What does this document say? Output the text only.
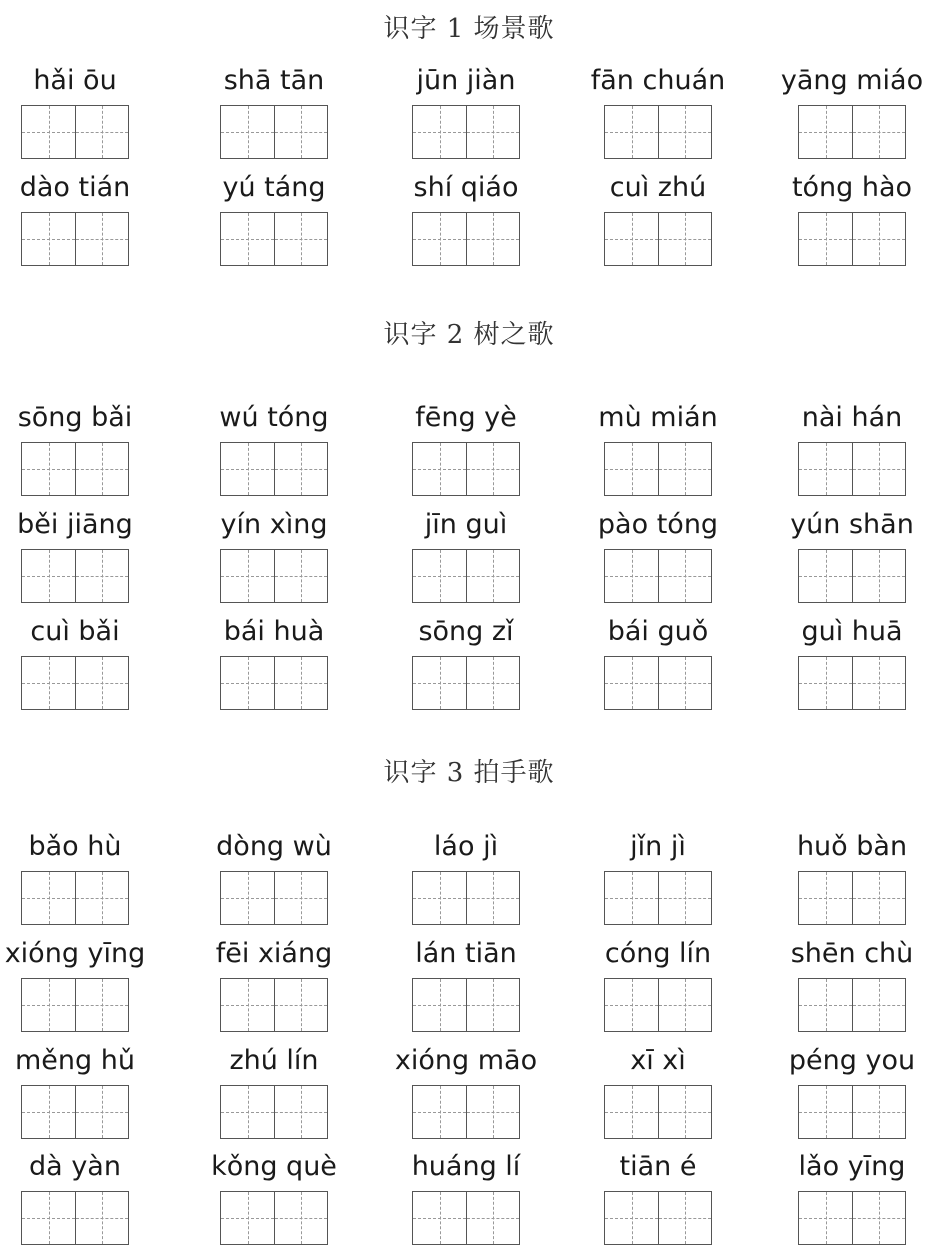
识字 1 场景歌
识字 2 树之歌
识字 3 拍手歌
hǎi ōu	shā tān	jūn jiàn	fān chuán	yāng miáo
dào tián	yú táng	shí qiáo	cuì zhú	tóng hào
sōng bǎi	wú tóng	fēng yè	mù mián	nài hán
běi jiāng	yín xìng	jīn guì	pào tóng	yún shān
cuì bǎi	bái huà	sōng zǐ	bái guǒ	guì huā
bǎo hù	dòng wù	láo jì	jǐn jì	huǒ bàn
xióng yīng	fēi xiáng	lán tiān	cóng lín	shēn chù
měng hǔ	zhú lín	xióng māo	xī xì	péng you
dà yàn	kǒng què	huáng lí	tiān é	lǎo yīng
